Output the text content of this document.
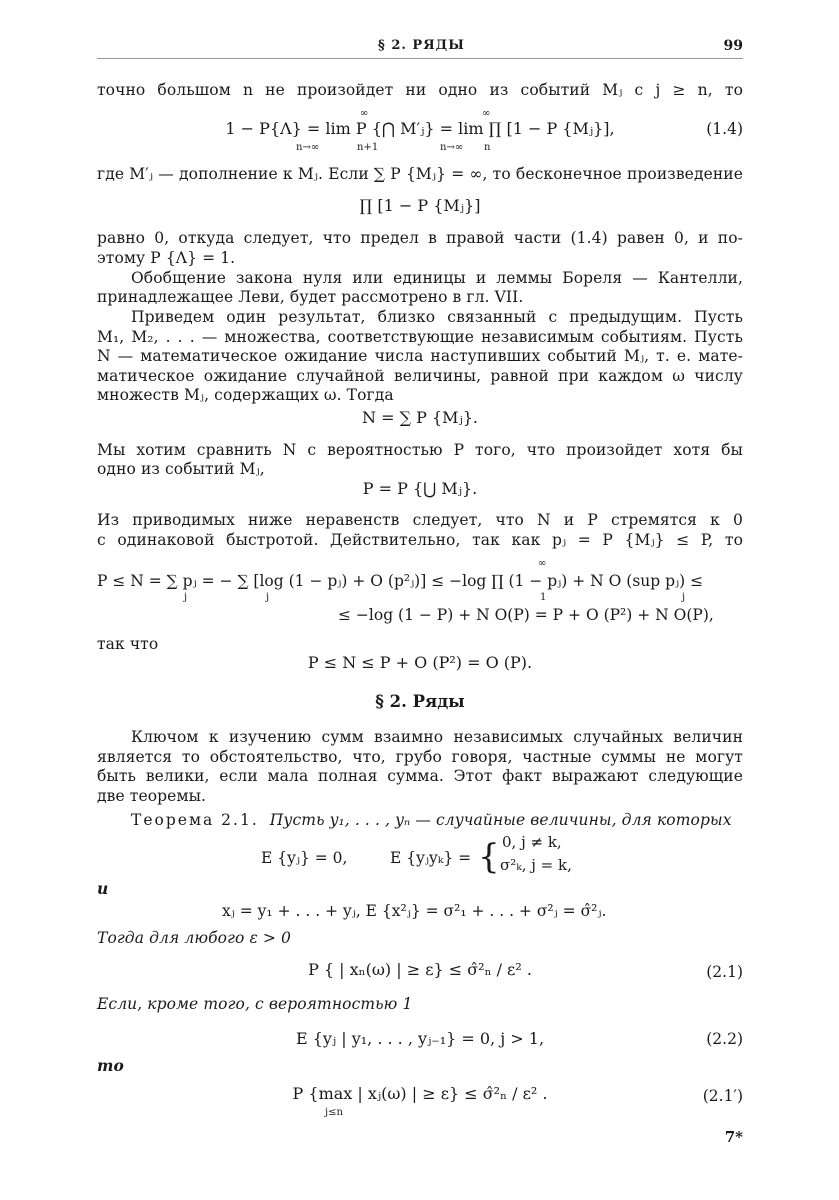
§ 2. РЯДЫ	99
точно большом n не произойдет ни одно из событий Mⱼ с j ≥ n, то
1 − P{Λ} = lim P {⋂ M′ⱼ} = lim ∏ [1 − P {Mⱼ}],
n→∞
∞
n+1	n→∞
∞
n
(1.4)
где M′ⱼ — дополнение к Mⱼ. Если ∑ P {Mⱼ} = ∞, то бесконечное произведение
∏ [1 − P {Mⱼ}]
равно 0, откуда следует, что предел в правой части (1.4) равен 0, и по-
этому P {Λ} = 1.
Обобщение закона нуля или единицы и леммы Бореля — Кантелли,
принадлежащее Леви, будет рассмотрено в гл. VII.
Приведем один результат, близко связанный с предыдущим. Пусть
M₁, M₂, . . . — множества, соответствующие независимым событиям. Пусть
N — математическое ожидание числа наступивших событий Mⱼ, т. е. мате-
матическое ожидание случайной величины, равной при каждом ω числу
множеств Mⱼ, содержащих ω. Тогда
N = ∑ P {Mⱼ}.
Мы хотим сравнить N с вероятностью P того, что произойдет хотя бы
одно из событий Mⱼ,
P = P {⋃ Mⱼ}.
Из приводимых ниже неравенств следует, что N и P стремятся к 0
с одинаковой быстротой. Действительно, так как pⱼ = P {Mⱼ} ≤ P, то
P ≤ N = ∑ pⱼ = − ∑ [log (1 − pⱼ) + O (p²ⱼ)] ≤ −log ∏ (1 − pⱼ) + N O (sup pⱼ) ≤
j	j
∞
1	j
≤ −log (1 − P) + N O(P) = P + O (P²) + N O(P),
так что
P ≤ N ≤ P + O (P²) = O (P).
§ 2. Ряды
Ключом к изучению сумм взаимно независимых случайных величин
является то обстоятельство, что, грубо говоря, частные суммы не могут
быть велики, если мала полная сумма. Этот факт выражают следующие
две теоремы.
Теорема 2.1. Пусть y₁, . . . , yₙ — случайные величины, для которых
E {yⱼ} = 0,	E {yⱼyₖ} = { 0, j ≠ k,
σ²ₖ, j = k,
и
xⱼ = y₁ + . . . + yⱼ, E {x²ⱼ} = σ²₁ + . . . + σ²ⱼ = σ̂²ⱼ.
Тогда для любого ε > 0
P { | xₙ(ω) | ≥ ε} ≤ σ̂²ₙ / ε² .	(2.1)
Если, кроме того, с вероятностью 1
E {yⱼ | y₁, . . . , yⱼ₋₁} = 0, j > 1,	(2.2)
то
P {max | xⱼ(ω) | ≥ ε} ≤ σ̂²ₙ / ε² .
j≤n
(2.1′)
7*
